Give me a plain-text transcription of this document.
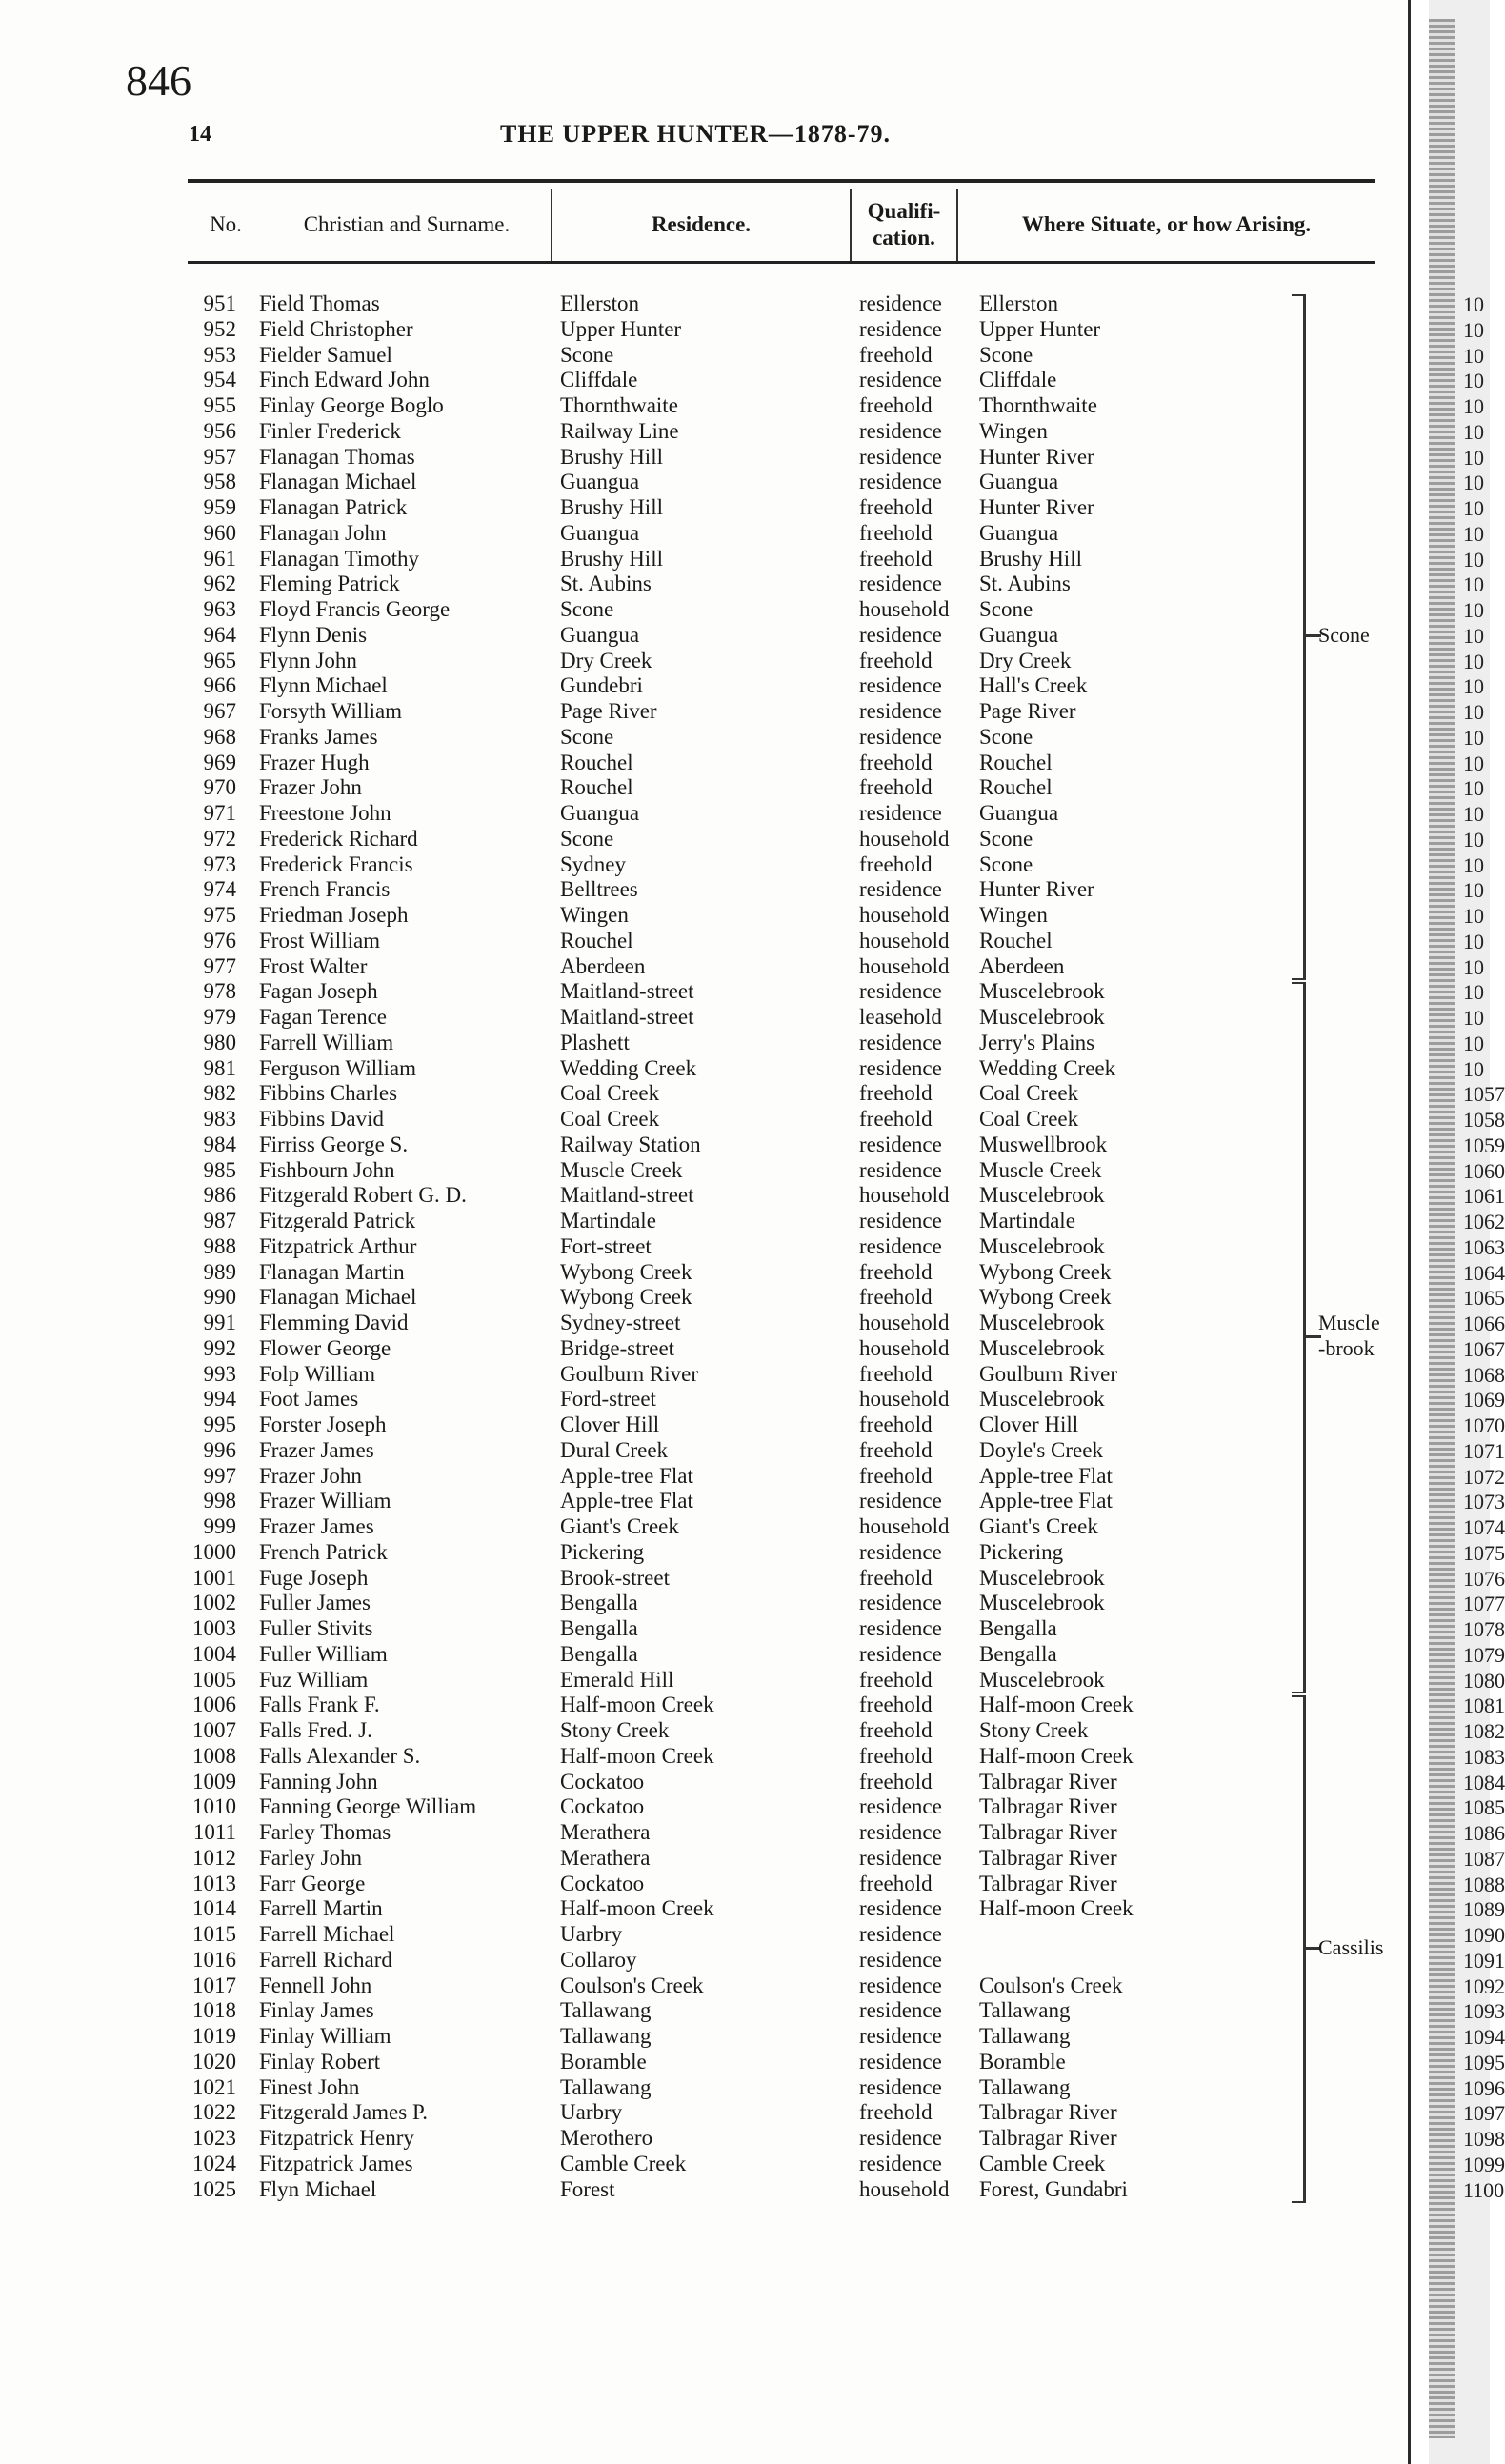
846
14	THE UPPER HUNTER—1878-79.
No.	Christian and Surname.	Residence.
Qualifi-cation.
Where Situate, or how Arising.
951 Field Thomas	Ellerston	residence Ellerston
952 Field Christopher	Upper Hunter	residence Upper Hunter
953 Fielder Samuel	Scone	freehold Scone
954 Finch Edward John	Cliffdale	residence Cliffdale
955 Finlay George Boglo	Thornthwaite	freehold Thornthwaite
956 Finler Frederick	Railway Line	residence Wingen
957 Flanagan Thomas	Brushy Hill	residence Hunter River
958 Flanagan Michael	Guangua	residence Guangua
959 Flanagan Patrick	Brushy Hill	freehold Hunter River
960 Flanagan John	Guangua	freehold Guangua
961 Flanagan Timothy	Brushy Hill	freehold Brushy Hill
962 Fleming Patrick	St. Aubins	residence St. Aubins
963 Floyd Francis George	Scone	household Scone
964 Flynn Denis	Guangua	residence Guangua
965 Flynn John	Dry Creek	freehold Dry Creek
966 Flynn Michael	Gundebri	residence Hall's Creek
967 Forsyth William	Page River	residence Page River
968 Franks James	Scone	residence Scone
969 Frazer Hugh	Rouchel	freehold Rouchel
970 Frazer John	Rouchel	freehold Rouchel
971 Freestone John	Guangua	residence Guangua
972 Frederick Richard	Scone	household Scone
973 Frederick Francis	Sydney	freehold Scone
974 French Francis	Belltrees	residence Hunter River
975 Friedman Joseph	Wingen	household Wingen
976 Frost William	Rouchel	household Rouchel
977 Frost Walter	Aberdeen	household Aberdeen
978 Fagan Joseph	Maitland-street	residence Muscelebrook
979 Fagan Terence	Maitland-street	leasehold Muscelebrook
980 Farrell William	Plashett	residence Jerry's Plains
981 Ferguson William	Wedding Creek	residence Wedding Creek
982 Fibbins Charles	Coal Creek	freehold Coal Creek
983 Fibbins David	Coal Creek	freehold Coal Creek
984 Firriss George S.	Railway Station	residence Muswellbrook
985 Fishbourn John	Muscle Creek	residence Muscle Creek
986 Fitzgerald Robert G. D.	Maitland-street	household Muscelebrook
987 Fitzgerald Patrick	Martindale	residence Martindale
988 Fitzpatrick Arthur	Fort-street	residence Muscelebrook
989 Flanagan Martin	Wybong Creek	freehold Wybong Creek
990 Flanagan Michael	Wybong Creek	freehold Wybong Creek
991 Flemming David	Sydney-street	household Muscelebrook
992 Flower George	Bridge-street	household Muscelebrook
993 Folp William	Goulburn River	freehold Goulburn River
994 Foot James	Ford-street	household Muscelebrook
995 Forster Joseph	Clover Hill	freehold Clover Hill
996 Frazer James	Dural Creek	freehold Doyle's Creek
997 Frazer John	Apple-tree Flat	freehold Apple-tree Flat
998 Frazer William	Apple-tree Flat	residence Apple-tree Flat
999 Frazer James	Giant's Creek	household Giant's Creek
1000 French Patrick	Pickering	residence Pickering
1001 Fuge Joseph	Brook-street	freehold Muscelebrook
1002 Fuller James	Bengalla	residence Muscelebrook
1003 Fuller Stivits	Bengalla	residence Bengalla
1004 Fuller William	Bengalla	residence Bengalla
1005 Fuz William	Emerald Hill	freehold Muscelebrook
1006 Falls Frank F.	Half-moon Creek	freehold Half-moon Creek
1007 Falls Fred. J.	Stony Creek	freehold Stony Creek
1008 Falls Alexander S.	Half-moon Creek	freehold Half-moon Creek
1009 Fanning John	Cockatoo	freehold Talbragar River
1010 Fanning George William	Cockatoo	residence Talbragar River
1011 Farley Thomas	Merathera	residence Talbragar River
1012 Farley John	Merathera	residence Talbragar River
1013 Farr George	Cockatoo	freehold Talbragar River
1014 Farrell Martin	Half-moon Creek	residence Half-moon Creek
1015 Farrell Michael	Uarbry	residence
1016 Farrell Richard	Collaroy	residence
1017 Fennell John	Coulson's Creek	residence Coulson's Creek
1018 Finlay James	Tallawang	residence Tallawang
1019 Finlay William	Tallawang	residence Tallawang
1020 Finlay Robert	Boramble	residence Boramble
1021 Finest John	Tallawang	residence Tallawang
1022 Fitzgerald James P.	Uarbry	freehold Talbragar River
1023 Fitzpatrick Henry	Merothero	residence Talbragar River
1024 Fitzpatrick James	Camble Creek	residence Camble Creek
1025 Flyn Michael	Forest	household Forest, Gundabri
Scone
Muscle-brook
Cassilis
10
10
10
10
10
10
10
10
10
10
10
10
10
10
10
10
10
10
10
10
10
10
10
10
10
10
10
10
10
10
10
1057
1058
1059
1060
1061
1062
1063
1064
1065
1066
1067
1068
1069
1070
1071
1072
1073
1074
1075
1076
1077
1078
1079
1080
1081
1082
1083
1084
1085
1086
1087
1088
1089
1090
1091
1092
1093
1094
1095
1096
1097
1098
1099
1100
